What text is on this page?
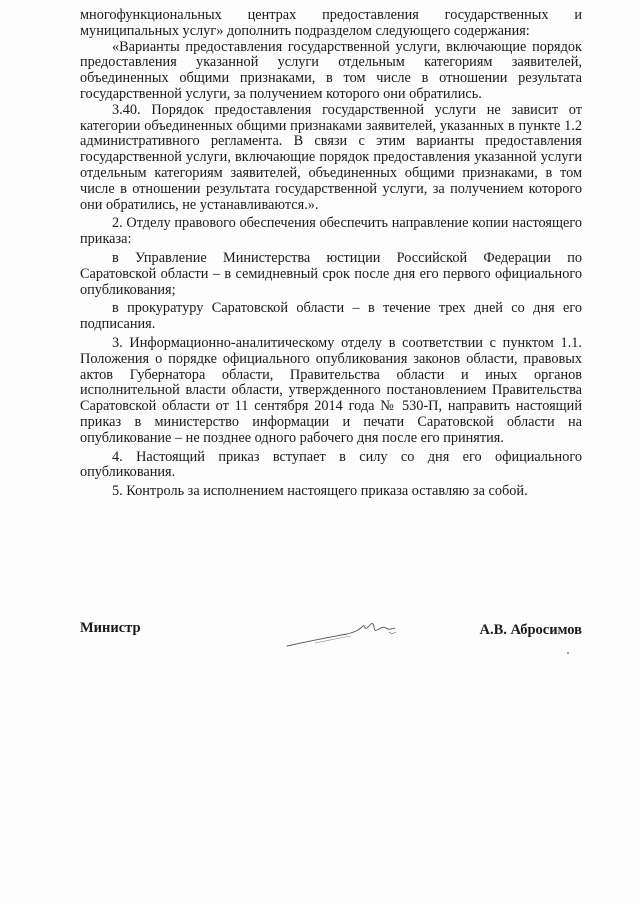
многофункциональных центрах предоставления государственных и муниципальных услуг» дополнить подразделом следующего содержания:

«Варианты предоставления государственной услуги, включающие порядок предоставления указанной услуги отдельным категориям заявителей, объединенных общими признаками, в том числе в отношении результата государственной услуги, за получением которого они обратились.

3.40. Порядок предоставления государственной услуги не зависит от категории объединенных общими признаками заявителей, указанных в пункте 1.2 административного регламента. В связи с этим варианты предоставления государственной услуги, включающие порядок предоставления указанной услуги отдельным категориям заявителей, объединенных общими признаками, в том числе в отношении результата государственной услуги, за получением которого они обратились, не устанавливаются.».

2. Отделу правового обеспечения обеспечить направление копии настоящего приказа:

в Управление Министерства юстиции Российской Федерации по Саратовской области – в семидневный срок после дня его первого официального опубликования;

в прокуратуру Саратовской области – в течение трех дней со дня его подписания.

3. Информационно-аналитическому отделу в соответствии с пунктом 1.1. Положения о порядке официального опубликования законов области, правовых актов Губернатора области, Правительства области и иных органов исполнительной власти области, утвержденного постановлением Правительства Саратовской области от 11 сентября 2014 года № 530-П, направить настоящий приказ в министерство информации и печати Саратовской области на опубликование – не позднее одного рабочего дня после его принятия.

4. Настоящий приказ вступает в силу со дня его официального опубликования.

5. Контроль за исполнением настоящего приказа оставляю за собой.

Министр	А.В. Абросимов
